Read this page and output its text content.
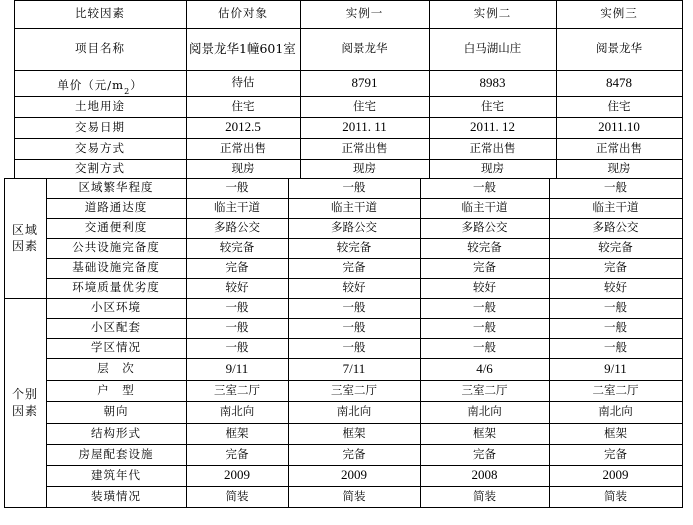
比较因素	估价对象	实例一	实例二	实例三
项目名称	阅景龙华1幢601室	阅景龙华	白马湖山庄	阅景龙华
单价（元/m 2 ）	待估	8791	8983	8478
土地用途	住宅	住宅	住宅	住宅
交易日期	2012.5	2011. 11	2011. 12	2011.10
交易方式	正常出售	正常出售	正常出售	正常出售
交割方式	现房	现房	现房	现房
区域
因素
区域繁华程度	一般	一般	一般	一般
道路通达度	临主干道	临主干道	临主干道	临主干道
交通便利度	多路公交	多路公交	多路公交	多路公交
公共设施完备度	较完备	较完备	较完备	较完备
基础设施完备度	完备	完备	完备	完备
环境质量优劣度	较好	较好	较好	较好
个别
因素
小区环境	一般	一般	一般	一般
小区配套	一般	一般	一般	一般
学区情况	一般	一般	一般	一般
层　次	9/11	7/11	4/6	9/11
户　型	三室二厅	三室二厅	三室二厅	二室二厅
朝向	南北向	南北向	南北向	南北向
结构形式	框架	框架	框架	框架
房屋配套设施	完备	完备	完备	完备
建筑年代	2009	2009	2008	2009
装璜情况	简装	简装	简装	简装
